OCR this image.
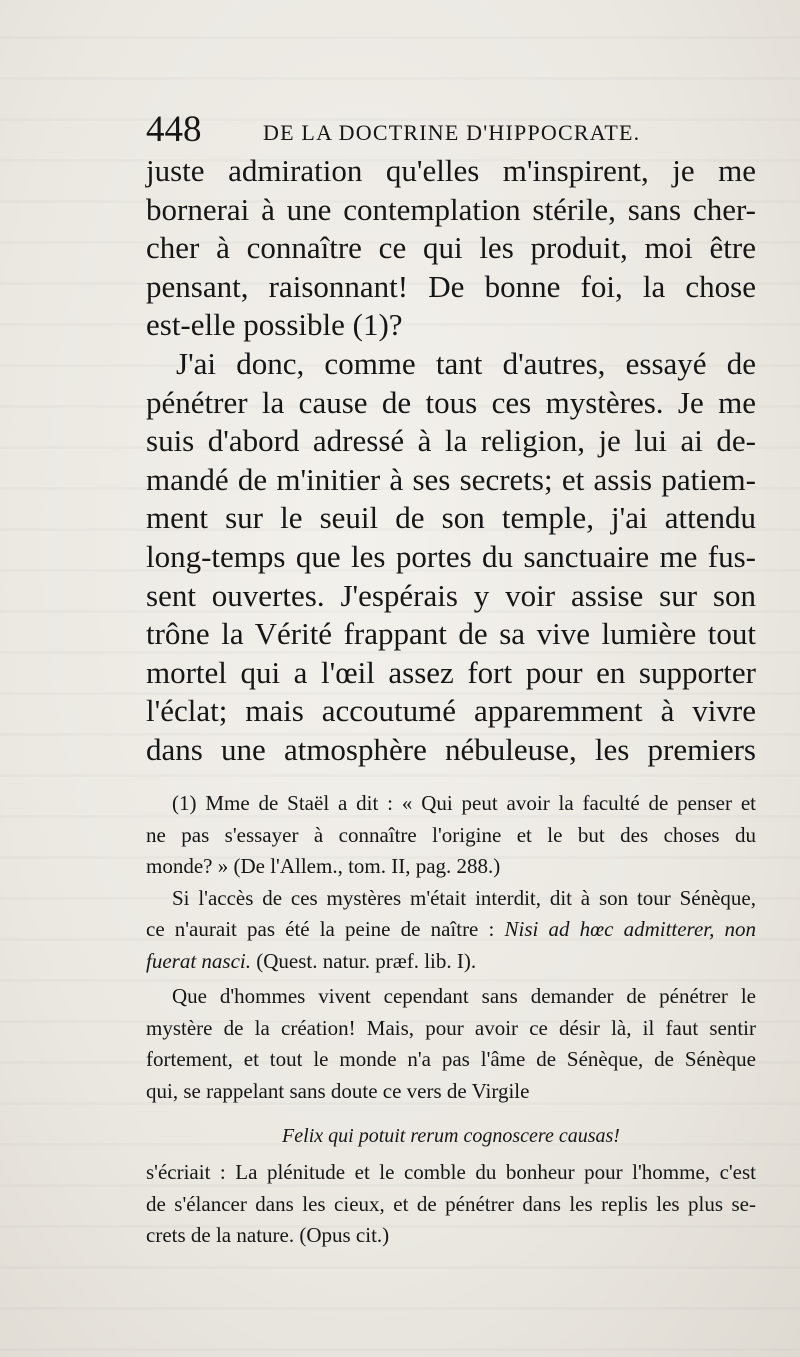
448	DE LA DOCTRINE D'HIPPOCRATE.
juste admiration qu'elles m'inspirent, je me
bornerai à une contemplation stérile, sans cher-
cher à connaître ce qui les produit, moi être
pensant, raisonnant! De bonne foi, la chose
est-elle possible (1)?
J'ai donc, comme tant d'autres, essayé de
pénétrer la cause de tous ces mystères. Je me
suis d'abord adressé à la religion, je lui ai de-
mandé de m'initier à ses secrets; et assis patiem-
ment sur le seuil de son temple, j'ai attendu
long-temps que les portes du sanctuaire me fus-
sent ouvertes. J'espérais y voir assise sur son
trône la Vérité frappant de sa vive lumière tout
mortel qui a l'œil assez fort pour en supporter
l'éclat; mais accoutumé apparemment à vivre
dans une atmosphère nébuleuse, les premiers
(1) Mme de Staël a dit : « Qui peut avoir la faculté de penser et
ne pas s'essayer à connaître l'origine et le but des choses du
monde? » (De l'Allem., tom. II, pag. 288.)
Si l'accès de ces mystères m'était interdit, dit à son tour Sénèque,
ce n'aurait pas été la peine de naître : Nisi ad hœc admitterer, non
fuerat nasci. (Quest. natur. præf. lib. I).
Que d'hommes vivent cependant sans demander de pénétrer le
mystère de la création! Mais, pour avoir ce désir là, il faut sentir
fortement, et tout le monde n'a pas l'âme de Sénèque, de Sénèque
qui, se rappelant sans doute ce vers de Virgile
Felix qui potuit rerum cognoscere causas!
s'écriait : La plénitude et le comble du bonheur pour l'homme, c'est
de s'élancer dans les cieux, et de pénétrer dans les replis les plus se-
crets de la nature. (Opus cit.)
